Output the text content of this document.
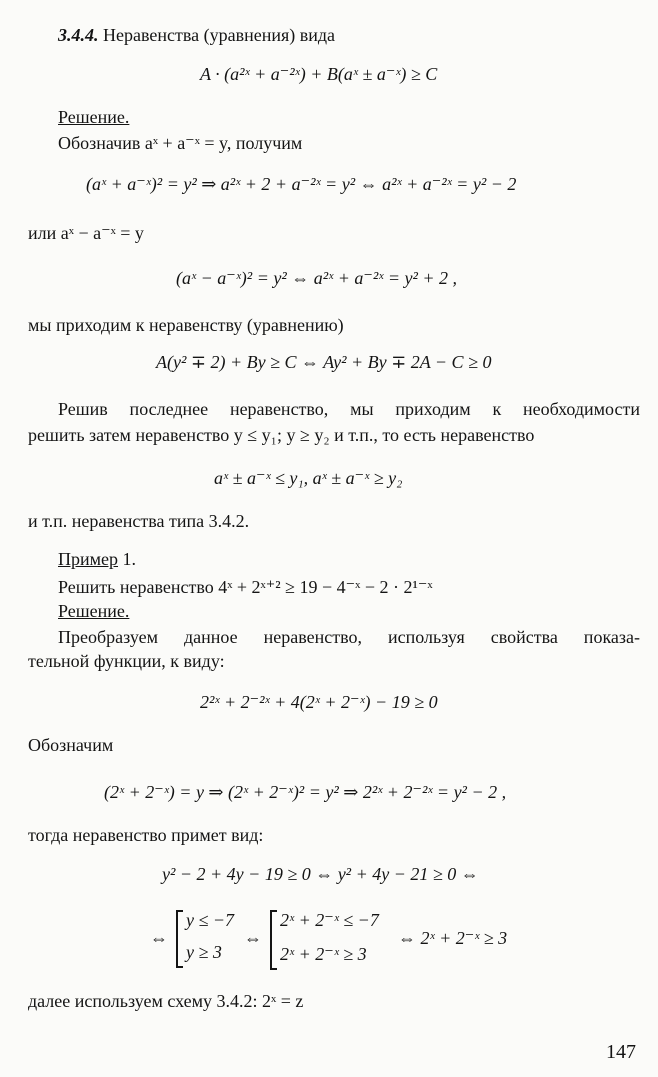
3.4.4. Неравенства (уравнения) вида
A · (a²ˣ + a⁻²ˣ) + B(aˣ ± a⁻ˣ) ≥ C
Решение.
Обозначив aˣ + a⁻ˣ = y, получим
(aˣ + a⁻ˣ)² = y² ⇒ a²ˣ + 2 + a⁻²ˣ = y² ⇔ a²ˣ + a⁻²ˣ = y² − 2
или aˣ − a⁻ˣ = y
(aˣ − a⁻ˣ)² = y² ⇔ a²ˣ + a⁻²ˣ = y² + 2 ,
мы приходим к неравенству (уравнению)
A(y² ∓ 2) + By ≥ C ⇔ Ay² + By ∓ 2A − C ≥ 0
Решив последнее неравенство, мы приходим к необходимости
решить затем неравенство y ≤ y₁; y ≥ y₂ и т.п., то есть неравенство
aˣ ± a⁻ˣ ≤ y₁, aˣ ± a⁻ˣ ≥ y₂
и т.п. неравенства типа 3.4.2.
Пример 1.
Решить неравенство 4ˣ + 2ˣ⁺² ≥ 19 − 4⁻ˣ − 2 · 2¹⁻ˣ
Решение.
Преобразуем данное неравенство, используя свойства показа-
тельной функции, к виду:
2²ˣ + 2⁻²ˣ + 4(2ˣ + 2⁻ˣ) − 19 ≥ 0
Обозначим
(2ˣ + 2⁻ˣ) = y ⇒ (2ˣ + 2⁻ˣ)² = y² ⇒ 2²ˣ + 2⁻²ˣ = y² − 2 ,
тогда неравенство примет вид:
y² − 2 + 4y − 19 ≥ 0 ⇔ y² + 4y − 21 ≥ 0 ⇔
⇔
y ≤ −7
y ≥ 3
⇔
2ˣ + 2⁻ˣ ≤ −7
2ˣ + 2⁻ˣ ≥ 3
⇔ 2ˣ + 2⁻ˣ ≥ 3
далее используем схему 3.4.2: 2ˣ = z
147
